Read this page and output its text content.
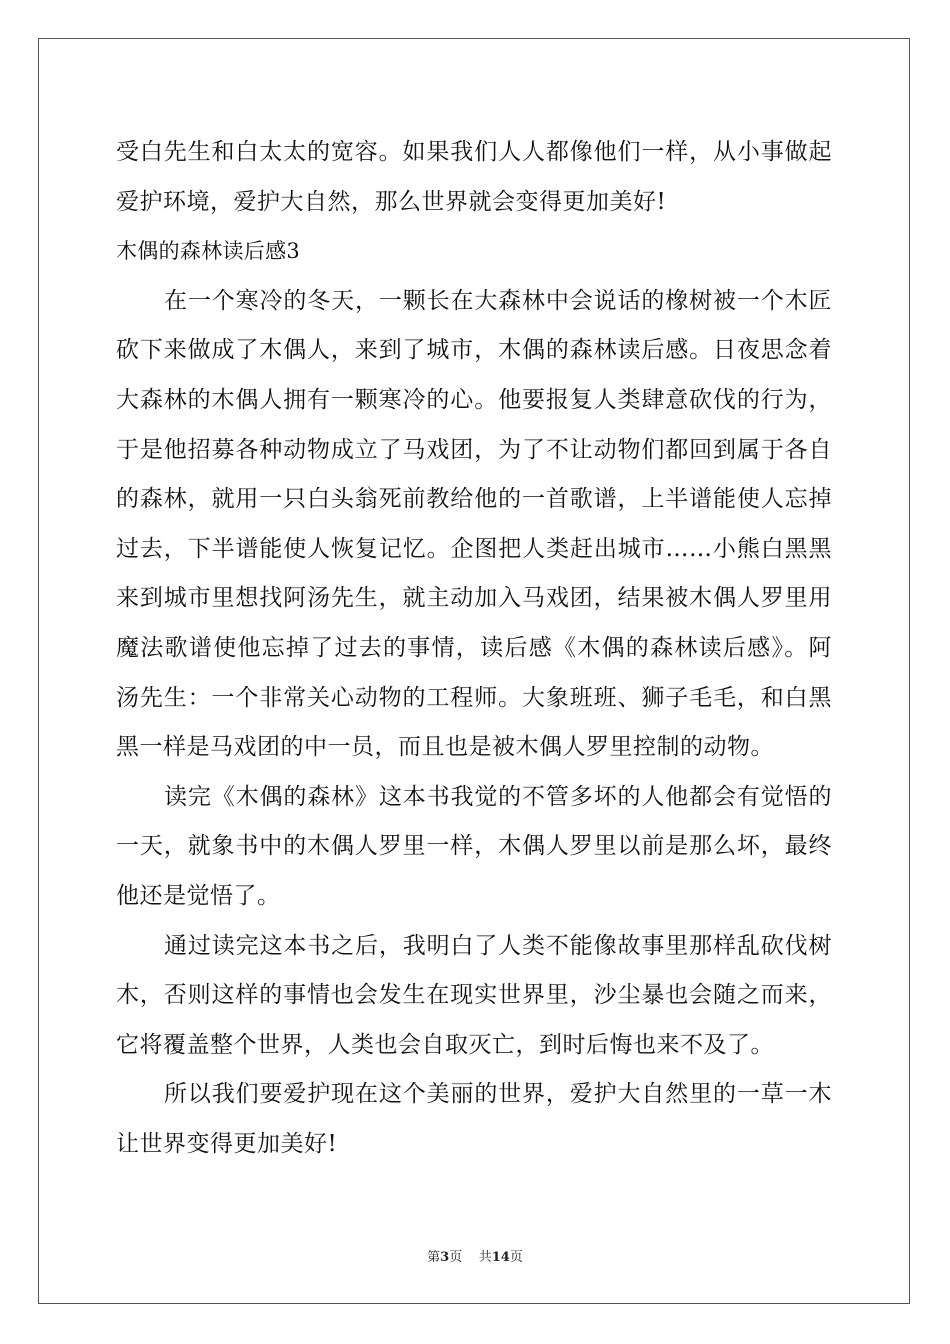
受白先生和白太太的宽容。如果我们人人都像他们一样，从小事做起爱护环境，爱护大自然，那么世界就会变得更加美好!

木偶的森林读后感3

在一个寒冷的冬天，一颗长在大森林中会说话的橡树被一个木匠砍下来做成了木偶人，来到了城市，木偶的森林读后感。日夜思念着大森林的木偶人拥有一颗寒冷的心。他要报复人类肆意砍伐的行为，于是他招募各种动物成立了马戏团，为了不让动物们都回到属于各自的森林，就用一只白头翁死前教给他的一首歌谱，上半谱能使人忘掉过去，下半谱能使人恢复记忆。企图把人类赶出城市……小熊白黑黑来到城市里想找阿汤先生，就主动加入马戏团，结果被木偶人罗里用魔法歌谱使他忘掉了过去的事情，读后感《木偶的森林读后感》。阿汤先生：一个非常关心动物的工程师。大象班班、狮子毛毛，和白黑黑一样是马戏团的中一员，而且也是被木偶人罗里控制的动物。

读完《木偶的森林》这本书我觉的不管多坏的人他都会有觉悟的一天，就象书中的木偶人罗里一样，木偶人罗里以前是那么坏，最终他还是觉悟了。

通过读完这本书之后，我明白了人类不能像故事里那样乱砍伐树木，否则这样的事情也会发生在现实世界里，沙尘暴也会随之而来，它将覆盖整个世界，人类也会自取灭亡，到时后悔也来不及了。

所以我们要爱护现在这个美丽的世界，爱护大自然里的一草一木让世界变得更加美好!

第3页 共14页
